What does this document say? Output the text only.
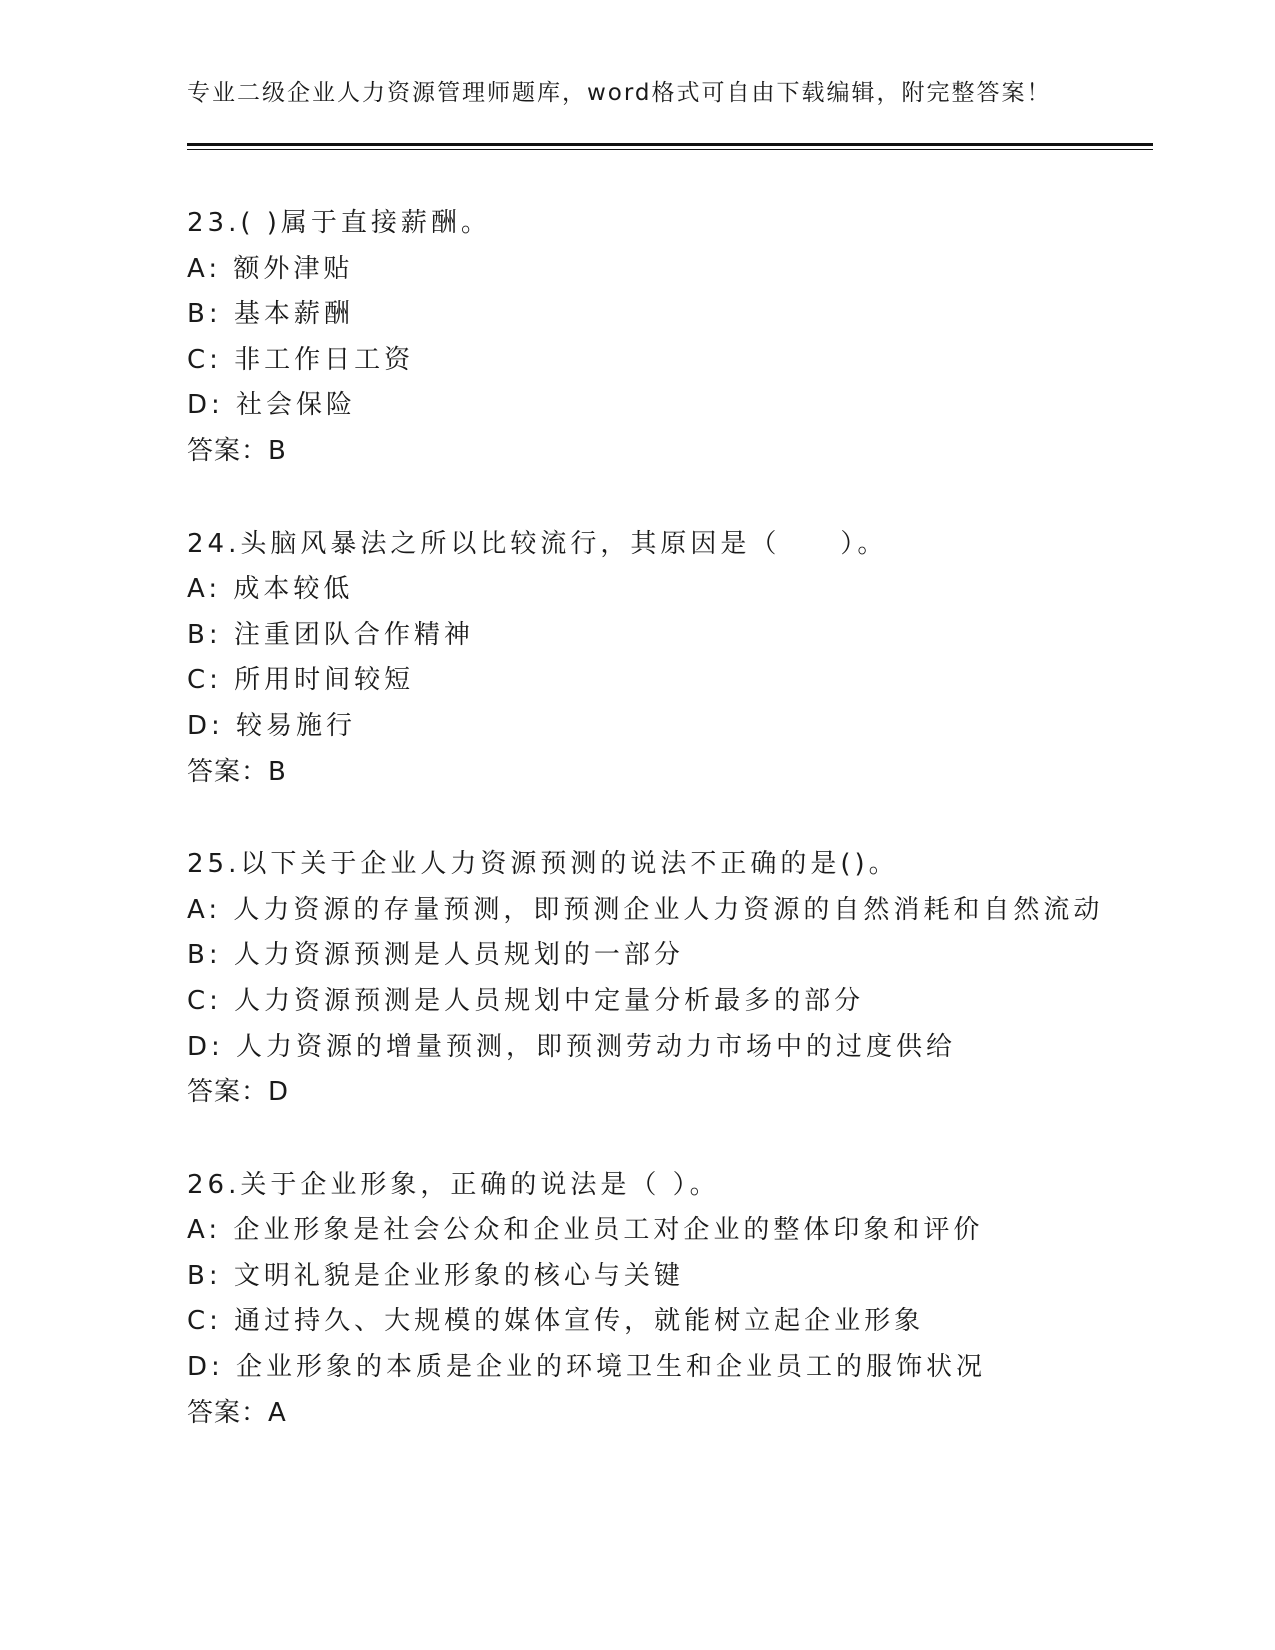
专业二级企业人力资源管理师题库，word格式可自由下载编辑，附完整答案！
23.( )属于直接薪酬。
A: 额外津贴
B: 基本薪酬
C: 非工作日工资
D: 社会保险
答案：B
24.头脑风暴法之所以比较流行，其原因是（　　）。
A: 成本较低
B: 注重团队合作精神
C: 所用时间较短
D: 较易施行
答案：B
25.以下关于企业人力资源预测的说法不正确的是()。
A: 人力资源的存量预测，即预测企业人力资源的自然消耗和自然流动
B: 人力资源预测是人员规划的一部分
C: 人力资源预测是人员规划中定量分析最多的部分
D: 人力资源的增量预测，即预测劳动力市场中的过度供给
答案：D
26.关于企业形象，正确的说法是（ ）。
A: 企业形象是社会公众和企业员工对企业的整体印象和评价
B: 文明礼貌是企业形象的核心与关键
C: 通过持久、大规模的媒体宣传，就能树立起企业形象
D: 企业形象的本质是企业的环境卫生和企业员工的服饰状况
答案：A
